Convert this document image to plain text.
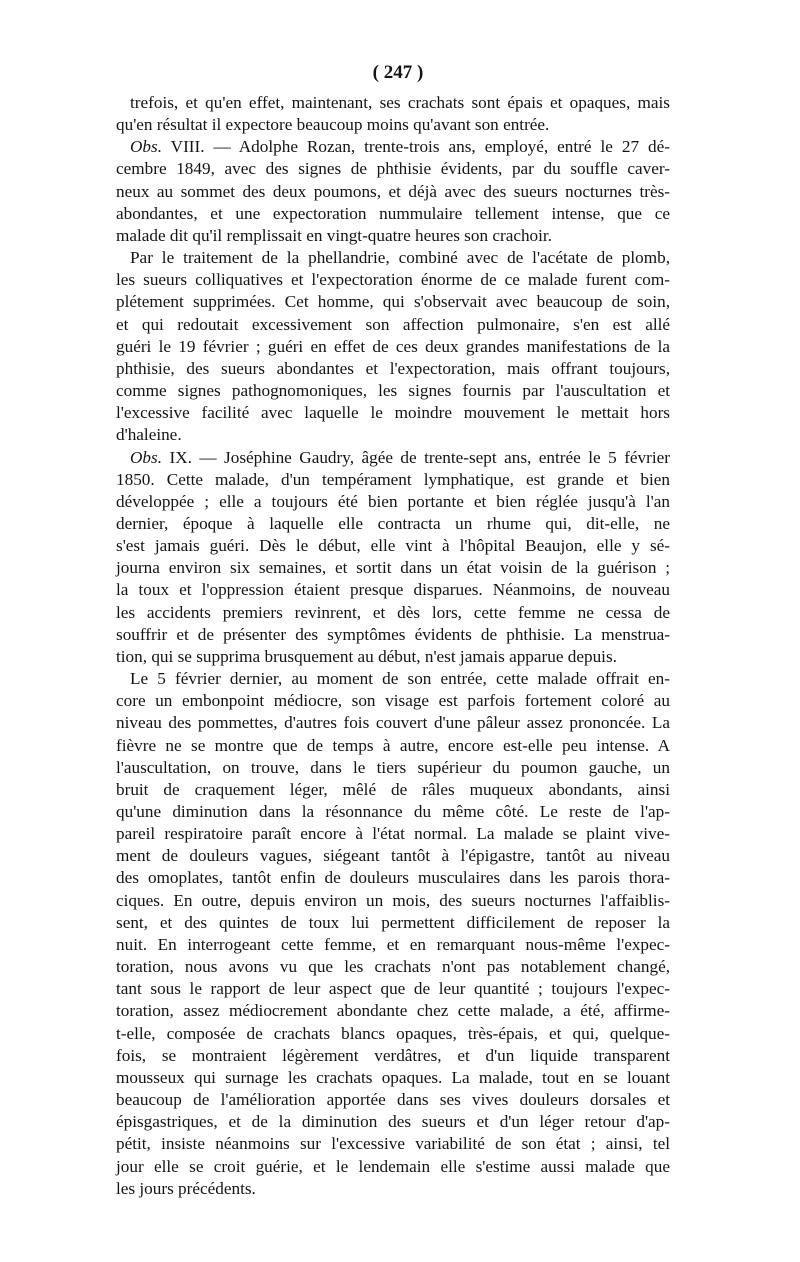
( 247 )
trefois, et qu'en effet, maintenant, ses crachats sont épais et opaques, mais
qu'en résultat il expectore beaucoup moins qu'avant son entrée.
Obs. VIII. — Adolphe Rozan, trente-trois ans, employé, entré le 27 dé-
cembre 1849, avec des signes de phthisie évidents, par du souffle caver-
neux au sommet des deux poumons, et déjà avec des sueurs nocturnes très-
abondantes, et une expectoration nummulaire tellement intense, que ce
malade dit qu'il remplissait en vingt-quatre heures son crachoir.
Par le traitement de la phellandrie, combiné avec de l'acétate de plomb,
les sueurs colliquatives et l'expectoration énorme de ce malade furent com-
plétement supprimées. Cet homme, qui s'observait avec beaucoup de soin,
et qui redoutait excessivement son affection pulmonaire, s'en est allé
guéri le 19 février ; guéri en effet de ces deux grandes manifestations de la
phthisie, des sueurs abondantes et l'expectoration, mais offrant toujours,
comme signes pathognomoniques, les signes fournis par l'auscultation et
l'excessive facilité avec laquelle le moindre mouvement le mettait hors
d'haleine.
Obs. IX. — Joséphine Gaudry, âgée de trente-sept ans, entrée le 5 février
1850. Cette malade, d'un tempérament lymphatique, est grande et bien
développée ; elle a toujours été bien portante et bien réglée jusqu'à l'an
dernier, époque à laquelle elle contracta un rhume qui, dit-elle, ne
s'est jamais guéri. Dès le début, elle vint à l'hôpital Beaujon, elle y sé-
journa environ six semaines, et sortit dans un état voisin de la guérison ;
la toux et l'oppression étaient presque disparues. Néanmoins, de nouveau
les accidents premiers revinrent, et dès lors, cette femme ne cessa de
souffrir et de présenter des symptômes évidents de phthisie. La menstrua-
tion, qui se supprima brusquement au début, n'est jamais apparue depuis.
Le 5 février dernier, au moment de son entrée, cette malade offrait en-
core un embonpoint médiocre, son visage est parfois fortement coloré au
niveau des pommettes, d'autres fois couvert d'une pâleur assez prononcée. La
fièvre ne se montre que de temps à autre, encore est-elle peu intense. A
l'auscultation, on trouve, dans le tiers supérieur du poumon gauche, un
bruit de craquement léger, mêlé de râles muqueux abondants, ainsi
qu'une diminution dans la résonnance du même côté. Le reste de l'ap-
pareil respiratoire paraît encore à l'état normal. La malade se plaint vive-
ment de douleurs vagues, siégeant tantôt à l'épigastre, tantôt au niveau
des omoplates, tantôt enfin de douleurs musculaires dans les parois thora-
ciques. En outre, depuis environ un mois, des sueurs nocturnes l'affaiblis-
sent, et des quintes de toux lui permettent difficilement de reposer la
nuit. En interrogeant cette femme, et en remarquant nous-même l'expec-
toration, nous avons vu que les crachats n'ont pas notablement changé,
tant sous le rapport de leur aspect que de leur quantité ; toujours l'expec-
toration, assez médiocrement abondante chez cette malade, a été, affirme-
t-elle, composée de crachats blancs opaques, très-épais, et qui, quelque-
fois, se montraient légèrement verdâtres, et d'un liquide transparent
mousseux qui surnage les crachats opaques. La malade, tout en se louant
beaucoup de l'amélioration apportée dans ses vives douleurs dorsales et
épisgastriques, et de la diminution des sueurs et d'un léger retour d'ap-
pétit, insiste néanmoins sur l'excessive variabilité de son état ; ainsi, tel
jour elle se croit guérie, et le lendemain elle s'estime aussi malade que
les jours précédents.
